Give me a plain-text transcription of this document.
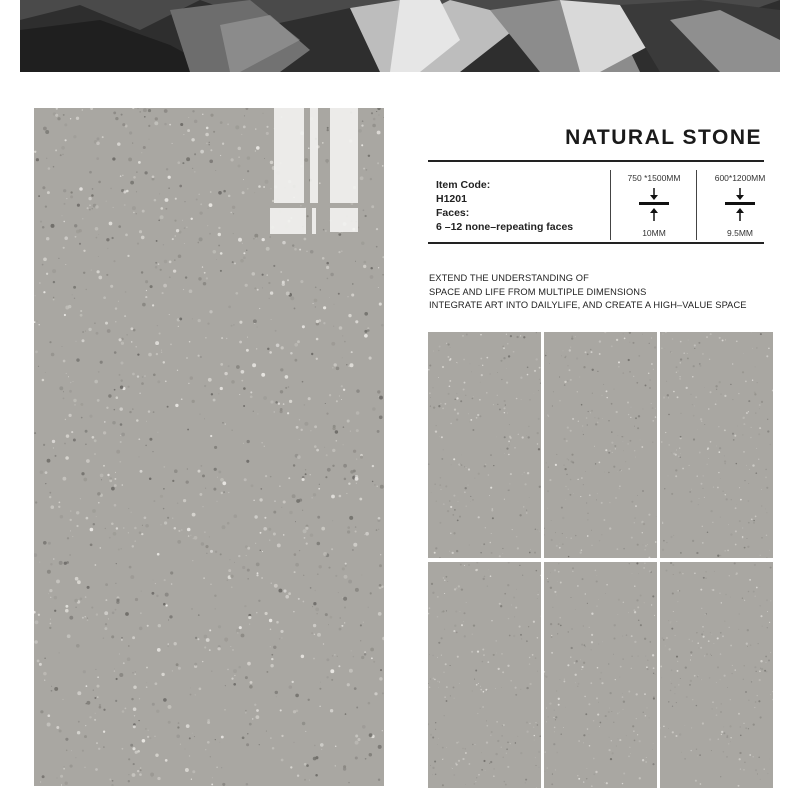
NATURAL STONE
Item Code:
H1201
Faces:
6 –12 none–repeating faces
750 *1500MM
10MM
600*1200MM
9.5MM
EXTEND THE UNDERSTANDING OF
SPACE AND LIFE FROM MULTIPLE DIMENSIONS
INTEGRATE ART INTO DAILYLIFE, AND CREATE A HIGH–VALUE SPACE
